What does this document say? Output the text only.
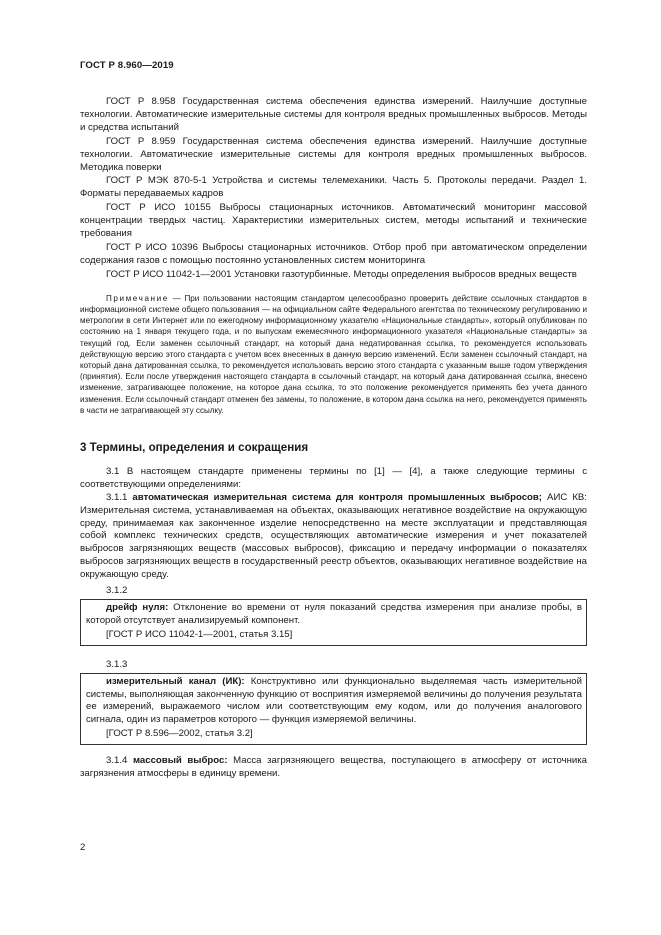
ГОСТ Р 8.960—2019

ГОСТ Р 8.958 Государственная система обеспечения единства измерений. Наилучшие доступные технологии. Автоматические измерительные системы для контроля вредных промышленных выбросов. Методы и средства испытаний

ГОСТ Р 8.959 Государственная система обеспечения единства измерений. Наилучшие доступные технологии. Автоматические измерительные системы для контроля вредных промышленных выбросов. Методика поверки

ГОСТ Р МЭК 870-5-1 Устройства и системы телемеханики. Часть 5. Протоколы передачи. Раздел 1. Форматы передаваемых кадров

ГОСТ Р ИСО 10155 Выбросы стационарных источников. Автоматический мониторинг массовой концентрации твердых частиц. Характеристики измерительных систем, методы испытаний и технические требования

ГОСТ Р ИСО 10396 Выбросы стационарных источников. Отбор проб при автоматическом определении содержания газов с помощью постоянно установленных систем мониторинга

ГОСТ Р ИСО 11042-1—2001 Установки газотурбинные. Методы определения выбросов вредных веществ

Примечание — При пользовании настоящим стандартом целесообразно проверить действие ссылочных стандартов в информационной системе общего пользования — на официальном сайте Федерального агентства по техническому регулированию и метрологии в сети Интернет или по ежегодному информационному указателю «Национальные стандарты», который опубликован по состоянию на 1 января текущего года, и по выпускам ежемесячного информационного указателя «Национальные стандарты» за текущий год. Если заменен ссылочный стандарт, на который дана недатированная ссылка, то рекомендуется использовать действующую версию этого стандарта с учетом всех внесенных в данную версию изменений. Если заменен ссылочный стандарт, на который дана датированная ссылка, то рекомендуется использовать версию этого стандарта с указанным выше годом утверждения (принятия). Если после утверждения настоящего стандарта в ссылочный стандарт, на который дана датированная ссылка, внесено изменение, затрагивающее положение, на которое дана ссылка, то это положение рекомендуется применять без учета данного изменения. Если ссылочный стандарт отменен без замены, то положение, в котором дана ссылка на него, рекомендуется применять в части не затрагивающей эту ссылку.

3 Термины, определения и сокращения

3.1 В настоящем стандарте применены термины по [1] — [4], а также следующие термины с соответствующими определениями:

3.1.1 автоматическая измерительная система для контроля промышленных выбросов; АИС КВ: Измерительная система, устанавливаемая на объектах, оказывающих негативное воздействие на окружающую среду, принимаемая как законченное изделие непосредственно на месте эксплуатации и представляющая собой комплекс технических средств, осуществляющих автоматические измерения и учет показателей выбросов загрязняющих веществ (массовых выбросов), фиксацию и передачу информации о показателях выбросов загрязняющих веществ в государственный реестр объектов, оказывающих негативное воздействие на окружающую среду.

3.1.2

дрейф нуля: Отклонение во времени от нуля показаний средства измерения при анализе пробы, в которой отсутствует анализируемый компонент.

[ГОСТ Р ИСО 11042-1—2001, статья 3.15]

3.1.3

измерительный канал (ИК): Конструктивно или функционально выделяемая часть измерительной системы, выполняющая законченную функцию от восприятия измеряемой величины до получения результата ее измерений, выражаемого числом или соответствующим ему кодом, или до получения аналогового сигнала, один из параметров которого — функция измеряемой величины.

[ГОСТ Р 8.596—2002, статья 3.2]

3.1.4 массовый выброс: Масса загрязняющего вещества, поступающего в атмосферу от источника загрязнения атмосферы в единицу времени.

2
